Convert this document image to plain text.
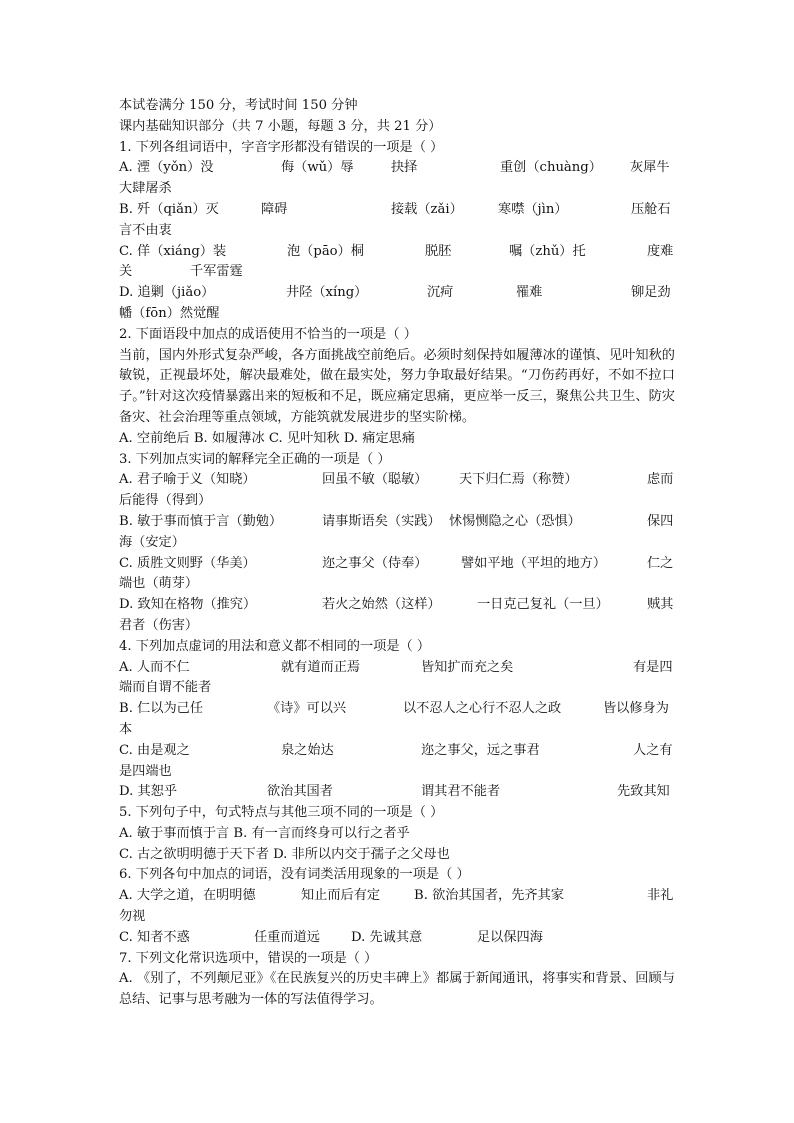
本试卷满分 150 分，考试时间 150 分钟
课内基础知识部分（共 7 小题，每题 3 分，共 21 分）
1. 下列各组词语中，字音字形都没有错误的一项是（ ）
A. 湮（yǒn）没	侮（wǔ）辱	抉择	重创（chuàng） 灰犀牛
大肆屠杀
B. 歼（qiǎn）灭	障碍	接载（zǎi）	寒噤（jìn）	压舱石
言不由衷
C. 佯（xiáng）装	泡（pāo）桐	脱胚	嘱（zhǔ）托	度难
关	千军雷霆
D. 追剿（jiǎo）	井陉（xíng）	沉疴	罹难	铆足劲
幡（fōn）然觉醒
2. 下面语段中加点的成语使用不恰当的一项是（ ）
当前，国内外形式复杂严峻，各方面挑战空前绝后。必须时刻保持如履薄冰的谨慎、见叶知秋的敏锐，正视最坏处，解决最难处，做在最实处，努力争取最好结果。“刀伤药再好，不如不拉口子。”针对这次疫情暴露出来的短板和不足，既应痛定思痛，更应举一反三，聚焦公共卫生、防灾备灾、社会治理等重点领域，方能筑就发展进步的坚实阶梯。
A. 空前绝后 B. 如履薄冰 C. 见叶知秋 D. 痛定思痛
3. 下列加点实词的解释完全正确的一项是（ ）
A. 君子喻于义（知晓）	回虽不敏（聪敏） 天下归仁焉（称赞）	虑而
后能得（得到）
B. 敏于事而慎于言（勤勉）	请事斯语矣（实践） 怵惕恻隐之心（恐惧）	保四
海（安定）
C. 质胜文则野（华美）	迩之事父（侍奉）	譬如平地（平坦的地方）	仁之
端也（萌芽）
D. 致知在格物（推究）	若火之始然（这样）	一日克己复礼（一旦）	贼其
君者（伤害）
4. 下列加点虚词的用法和意义都不相同的一项是（ ）
A. 人而不仁	就有道而正焉	皆知扩而充之矣	有是四
端而自谓不能者
B. 仁以为己任	《诗》可以兴	以不忍人之心行不忍人之政	皆以修身为
本
C. 由是观之	泉之始达	迩之事父，远之事君	人之有
是四端也
D. 其恕乎	欲治其国者	谓其君不能者	先致其知
5. 下列句子中，句式特点与其他三项不同的一项是（ ）
A. 敏于事而慎于言 B. 有一言而终身可以行之者乎
C. 古之欲明明德于天下者 D. 非所以内交于孺子之父母也
6. 下列各句中加点的词语，没有词类活用现象的一项是（ ）
A. 大学之道，在明明德	知止而后有定	B. 欲治其国者，先齐其家	非礼
勿视
C. 知者不惑	任重而道远 D. 先诚其意	足以保四海
7. 下列文化常识选项中，错误的一项是（ ）
A. 《别了，不列颠尼亚》《在民族复兴的历史丰碑上》都属于新闻通讯，将事实和背景、回顾与总结、记事与思考融为一体的写法值得学习。
